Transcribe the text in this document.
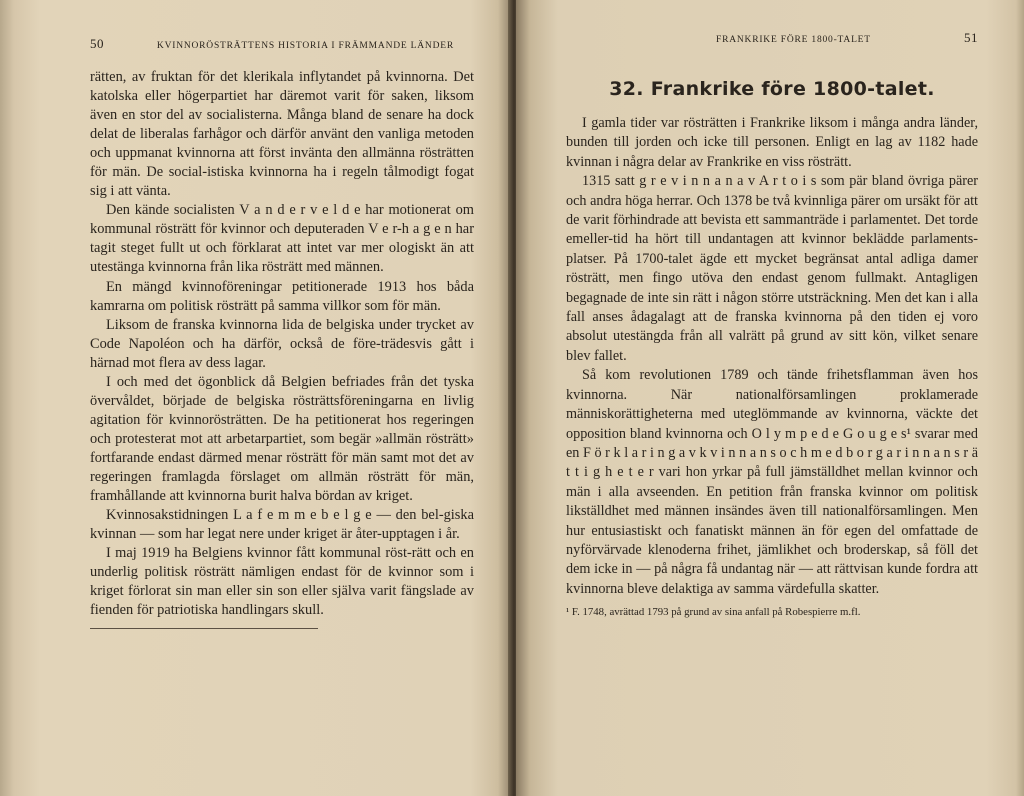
50	KVINNORÖSTRÄTTENS HISTORIA I FRÄMMANDE LÄNDER

rätten, av fruktan för det klerikala inflytandet på kvinnorna. Det katolska eller högerpartiet har däremot varit för saken, liksom även en stor del av socialisterna. Många bland de senare ha dock delat de liberalas farhågor och därför använt den vanliga metoden och uppmanat kvinnorna att först invänta den allmänna rösträtten för män. De social-istiska kvinnorna ha i regeln tålmodigt fogat sig i att vänta.

Den kände socialisten V a n d e r v e l d e har motionerat om kommunal rösträtt för kvinnor och deputeraden V e r-h a g e n har tagit steget fullt ut och förklarat att intet var mer ologiskt än att utestänga kvinnorna från lika rösträtt med männen.

En mängd kvinnoföreningar petitionerade 1913 hos båda kamrarna om politisk rösträtt på samma villkor som för män.

Liksom de franska kvinnorna lida de belgiska under trycket av Code Napoléon och ha därför, också de före-trädesvis gått i härnad mot flera av dess lagar.

I och med det ögonblick då Belgien befriades från det tyska övervåldet, började de belgiska rösträttsföreningarna en livlig agitation för kvinnorösträtten. De ha petitionerat hos regeringen och protesterat mot att arbetarpartiet, som begär »allmän rösträtt» fortfarande endast därmed menar rösträtt för män samt mot det av regeringen framlagda förslaget om allmän rösträtt för män, framhållande att kvinnorna burit halva bördan av kriget.

Kvinnosakstidningen L a f e m m e b e l g e — den bel-giska kvinnan — som har legat nere under kriget är åter-upptagen i år.

I maj 1919 ha Belgiens kvinnor fått kommunal röst-rätt och en underlig politisk rösträtt nämligen endast för de kvinnor som i kriget förlorat sin man eller sin son eller själva varit fängslade av fienden för patriotiska handlingars skull.

FRANKRIKE FÖRE 1800-TALET	51
32. Frankrike före 1800-talet.

I gamla tider var rösträtten i Frankrike liksom i många andra länder, bunden till jorden och icke till personen. Enligt en lag av 1182 hade kvinnan i några delar av Frankrike en viss rösträtt.

1315 satt g r e v i n n a n a v A r t o i s som pär bland övriga pärer och andra höga herrar. Och 1378 be två kvinnliga pärer om ursäkt för att de varit förhindrade att bevista ett sammanträde i parlamentet. Det torde emeller-tid ha hört till undantagen att kvinnor beklädde parlaments-platser. På 1700-talet ägde ett mycket begränsat antal adliga damer rösträtt, men fingo utöva den endast genom fullmakt. Antagligen begagnade de inte sin rätt i någon större utsträckning. Men det kan i alla fall anses ådagalagt att de franska kvinnorna på den tiden ej voro absolut utestängda från all valrätt på grund av sitt kön, vilket senare blev fallet.

Så kom revolutionen 1789 och tände frihetsflamman även hos kvinnorna. När nationalförsamlingen proklamerade människorättigheterna med uteglömmande av kvinnorna, väckte det opposition bland kvinnorna och O l y m p e d e G o u g e s¹ svarar med en F ö r k l a r i n g a v k v i n n a n s o c h m e d b o r g a r i n n a n s r ä t t i g h e t e r vari hon yrkar på full jämställdhet mellan kvinnor och män i alla avseenden. En petition från franska kvinnor om politisk likställdhet med männen insändes även till nationalförsamlingen. Men hur entusiastiskt och fanatiskt männen än för egen del omfattade de nyförvärvade klenoderna frihet, jämlikhet och broderskap, så föll det dem icke in — på några få undantag när — att rättvisan kunde fordra att kvinnorna bleve delaktiga av samma värdefulla skatter.

¹ F. 1748, avrättad 1793 på grund av sina anfall på Robespierre m.fl.
